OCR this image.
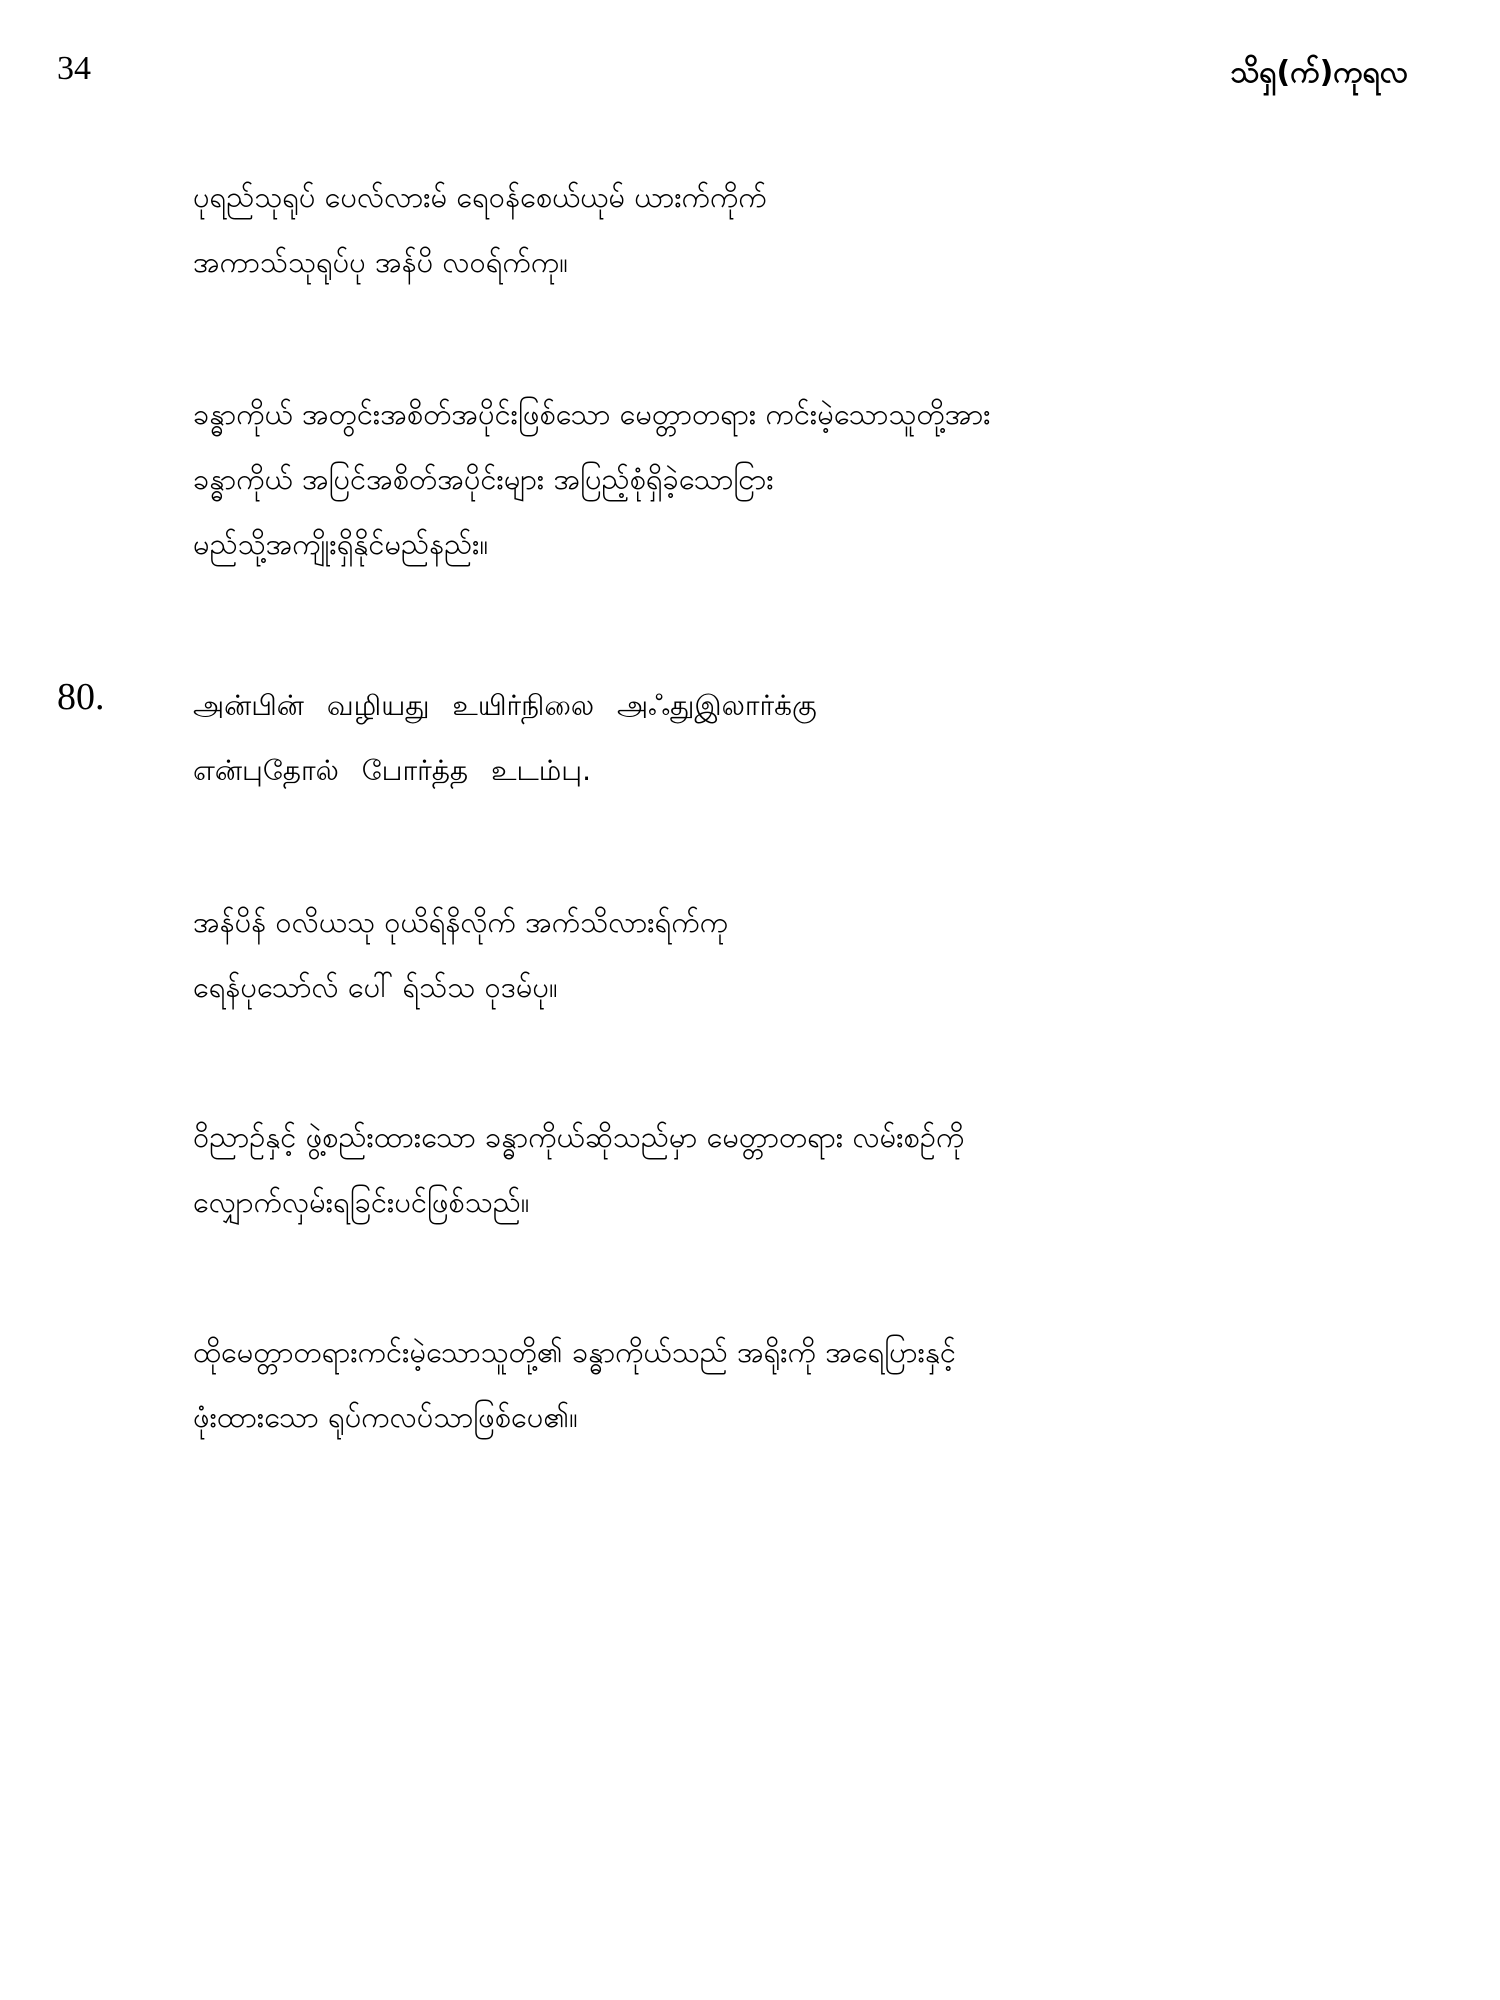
34	သိရှ(က်)ကုရလ
ပုရည်သုရုပ် ပေလ်လားမ် ရေဝန်စေယ်ယုမ် ယားက်ကိုက်
အကာသ်သုရုပ်ပု အန်ပိ လဝရ်က်ကု။
ခန္ဓာကိုယ် အတွင်းအစိတ်အပိုင်းဖြစ်သော မေတ္တာတရား ကင်းမဲ့သောသူတို့အား
ခန္ဓာကိုယ် အပြင်အစိတ်အပိုင်းများ အပြည့်စုံရှိခဲ့သောငြား
မည်သို့အကျိုးရှိနိုင်မည်နည်း။
80.	அன்பின் வழியது உயிர்நிலை அஃதுஇலார்க்கு
என்புதோல் போர்த்த உடம்பு.
အန်ပိန် ဝလိယသု ဝုယိရ်နိလိုက် အက်သိလားရ်က်ကု
ရေန်ပုသော်လ် ပေါ် ရ်သ်သ ဝုဒမ်ပု။
ဝိညာဉ်နှင့် ဖွဲ့စည်းထားသော ခန္ဓာကိုယ်ဆိုသည်မှာ မေတ္တာတရား လမ်းစဉ်ကို
လျှောက်လှမ်းရခြင်းပင်ဖြစ်သည်။
ထိုမေတ္တာတရားကင်းမဲ့သောသူတို့၏ ခန္ဓာကိုယ်သည် အရိုးကို အရေပြားနှင့်
ဖုံးထားသော ရုပ်ကလပ်သာဖြစ်ပေ၏။
